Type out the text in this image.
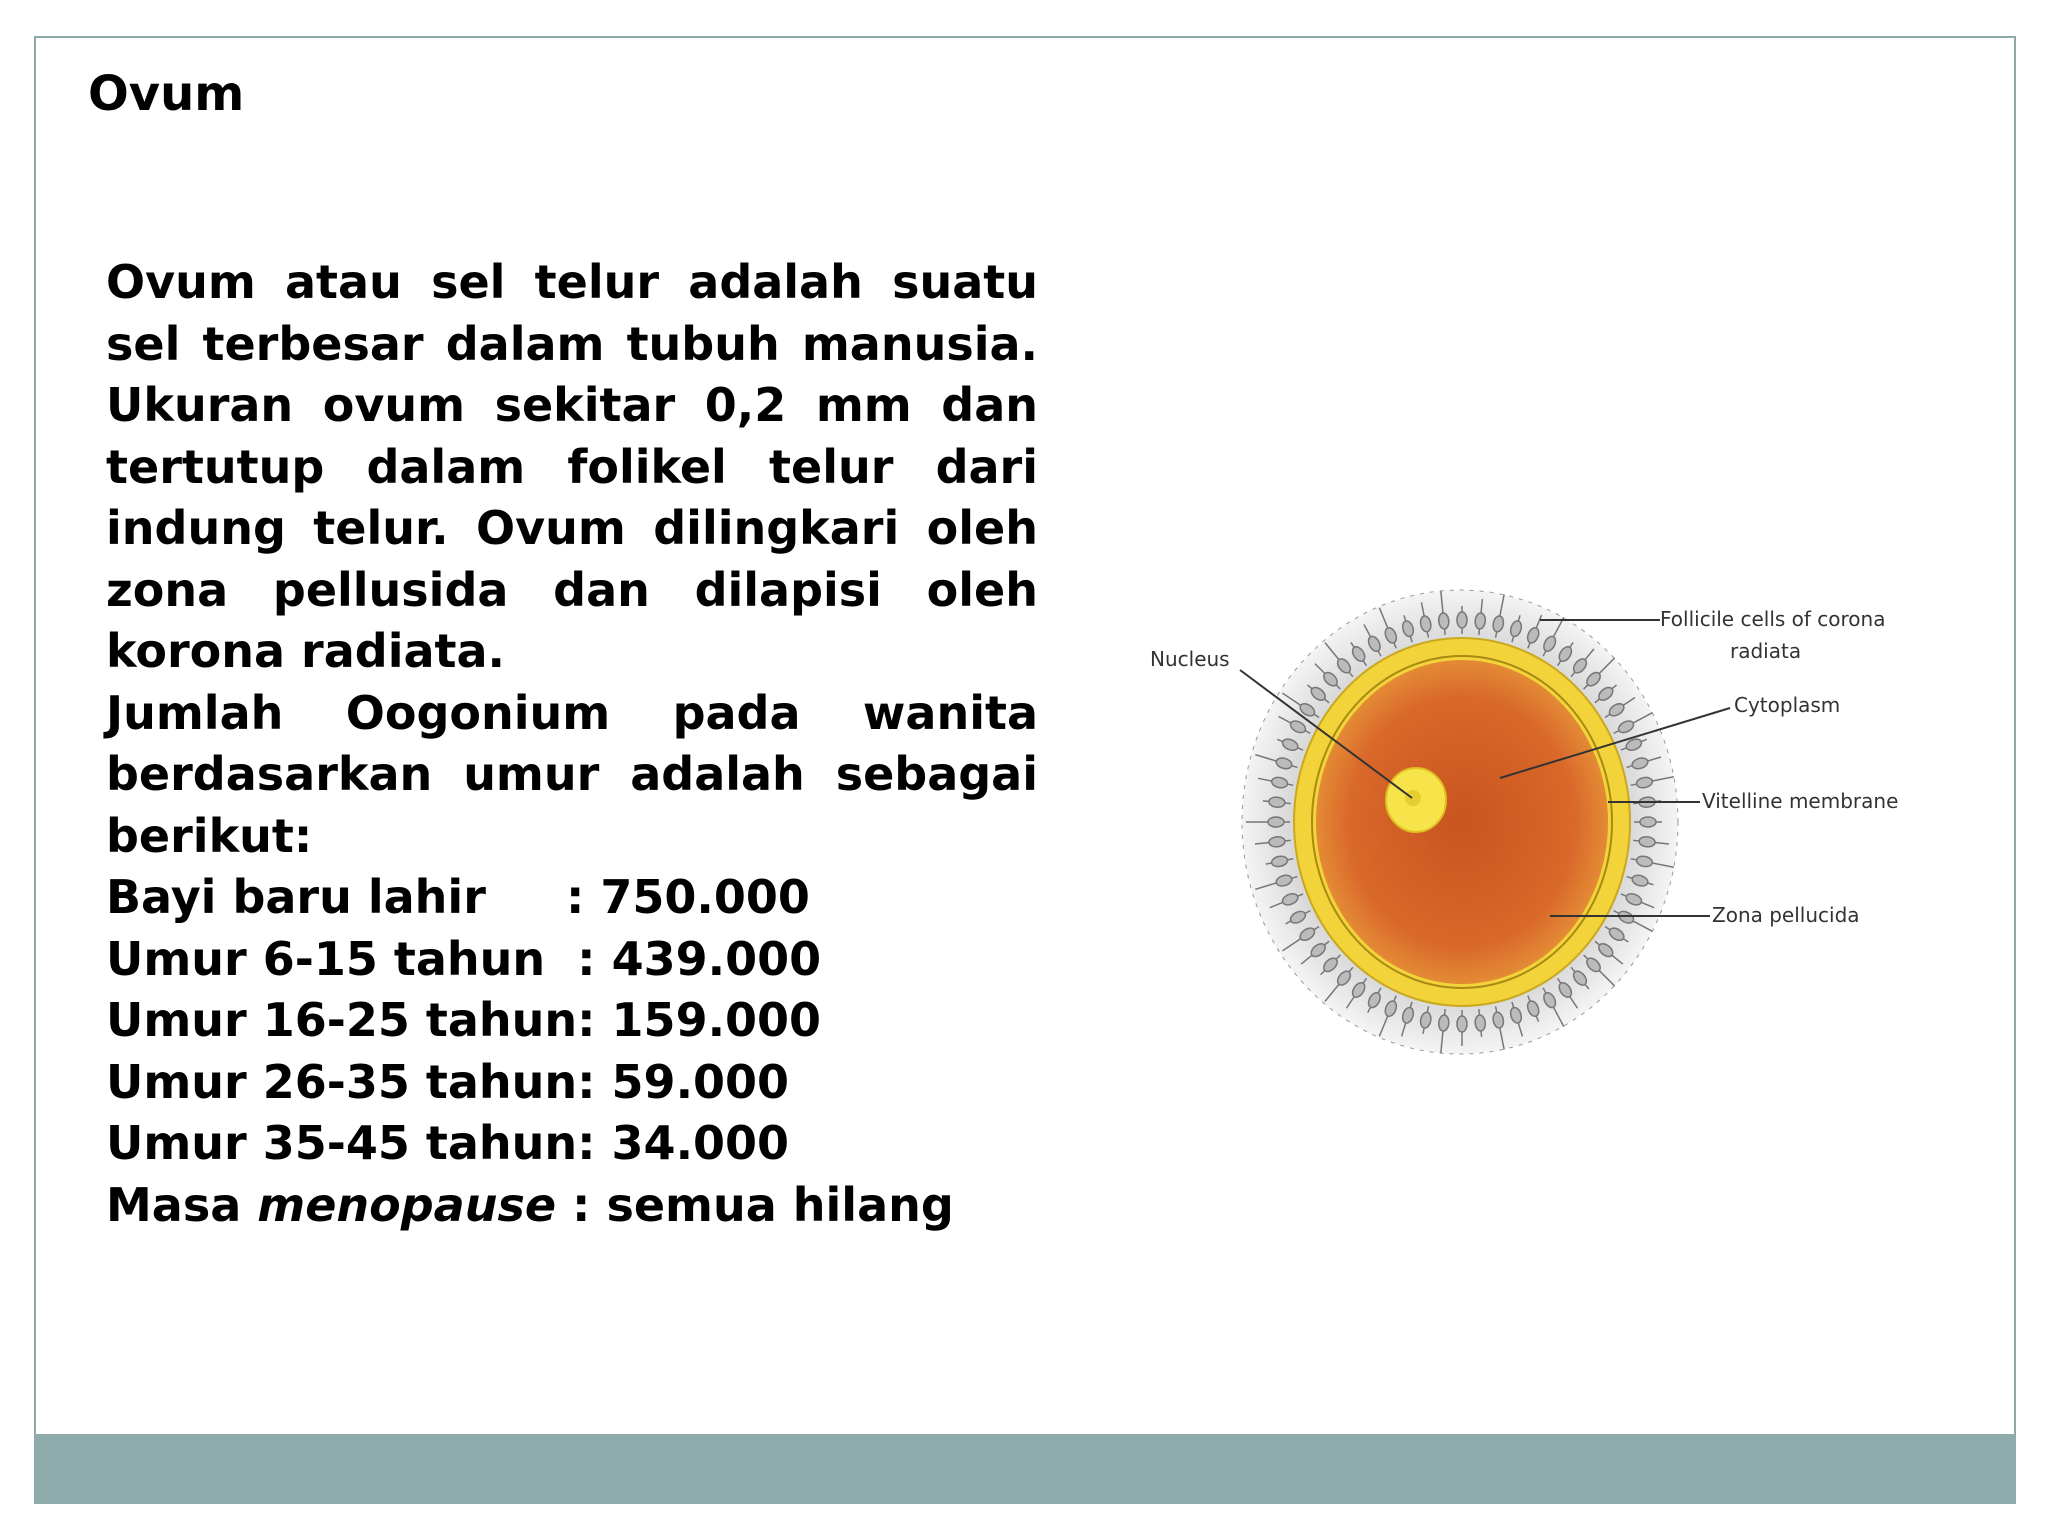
Ovum

Ovum atau sel telur adalah suatu sel terbesar dalam tubuh manusia. Ukuran ovum sekitar 0,2 mm dan tertutup dalam folikel telur dari indung telur. Ovum dilingkari oleh zona pellusida dan dilapisi oleh korona radiata.

Jumlah Oogonium pada wanita berdasarkan umur adalah sebagai berikut:

Bayi baru lahir     : 750.000
Umur 6-15 tahun  : 439.000
Umur 16-25 tahun: 159.000
Umur 26-35 tahun: 59.000
Umur 35-45 tahun: 34.000
Masa menopause : semua hilang
Nucleus
Follicile cells of corona
radiata
Cytoplasm
Vitelline membrane
Zona pellucida
